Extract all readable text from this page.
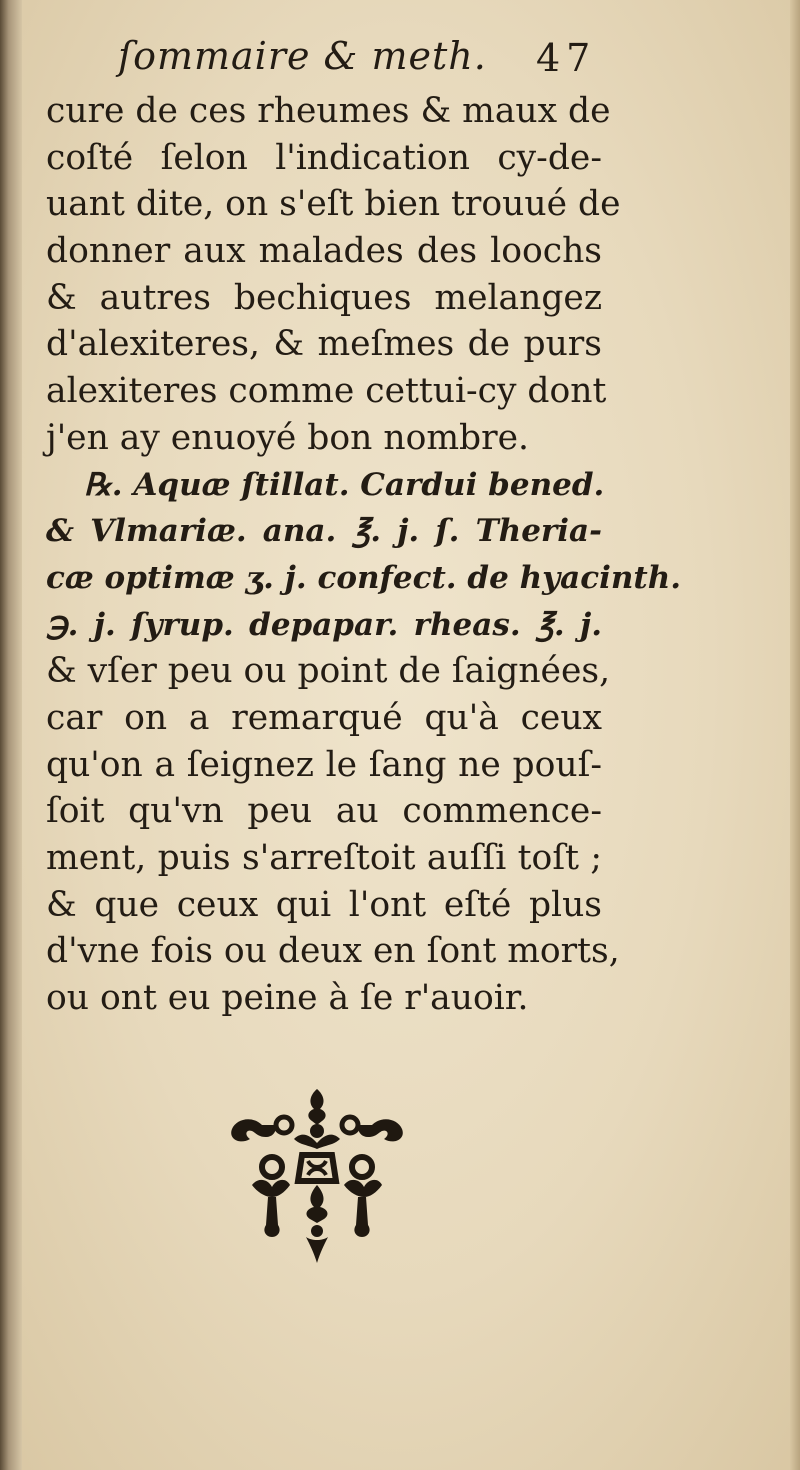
ſommaire & meth. 47
cure de ces rheumes & maux de
coſté ſelon l'indication cy-de-
uant dite, on s'eſt bien trouué de
donner aux malades des loochs
& autres bechiques melangez
d'alexiteres, & meſmes de purs
alexiteres comme cettui-cy dont
j'en ay enuoyé bon nombre.
℞. Aquæ ſtillat. Cardui bened.
& Vlmariæ. ana. ℥. j. ſ. Theria-
cæ optimæ ʒ. j. confect. de hyacinth.
℈. j. ſyrup. depapar. rheas. ℥. j.
& vſer peu ou point de ſaignées,
car on a remarqué qu'à ceux
qu'on a ſeignez le ſang ne pouſ-
ſoit qu'vn peu au commence-
ment, puis s'arreſtoit auſſi toſt ;
& que ceux qui l'ont eſté plus
d'vne fois ou deux en ſont morts,
ou ont eu peine à ſe r'auoir.
